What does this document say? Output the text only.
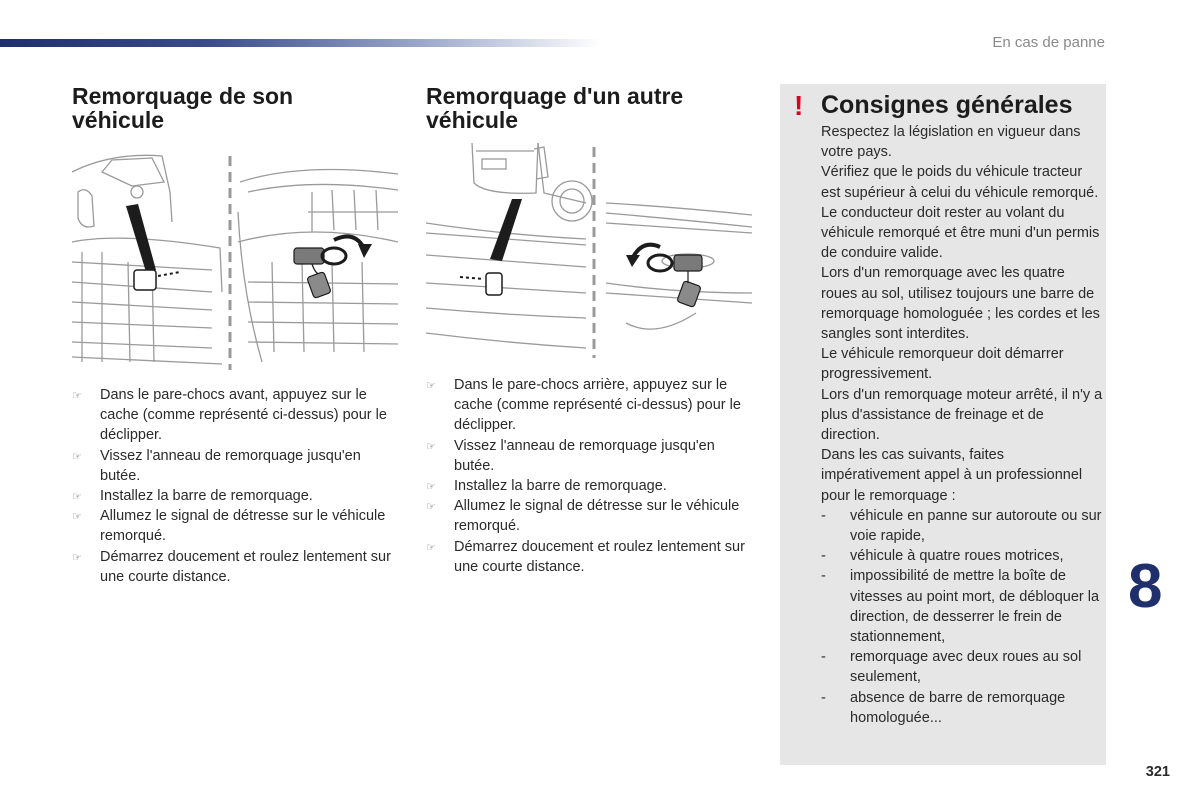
En cas de panne
Remorquage de son
véhicule
☞ Dans le pare-chocs avant, appuyez sur le cache (comme représenté ci-dessus) pour le déclipper.
☞ Vissez l'anneau de remorquage jusqu'en butée.
☞ Installez la barre de remorquage.
☞ Allumez le signal de détresse sur le véhicule remorqué.
☞ Démarrez doucement et roulez lentement sur une courte distance.
Remorquage d'un autre
véhicule
☞ Dans le pare-chocs arrière, appuyez sur le cache (comme représenté ci-dessus) pour le déclipper.
☞ Vissez l'anneau de remorquage jusqu'en butée.
☞ Installez la barre de remorquage.
☞ Allumez le signal de détresse sur le véhicule remorqué.
☞ Démarrez doucement et roulez lentement sur une courte distance.
! Consignes générales

Respectez la législation en vigueur dans votre pays.

Vérifiez que le poids du véhicule tracteur est supérieur à celui du véhicule remorqué.

Le conducteur doit rester au volant du véhicule remorqué et être muni d'un permis de conduire valide.

Lors d'un remorquage avec les quatre roues au sol, utilisez toujours une barre de remorquage homologuée ; les cordes et les sangles sont interdites.

Le véhicule remorqueur doit démarrer progressivement.

Lors d'un remorquage moteur arrêté, il n'y a plus d'assistance de freinage et de direction.

Dans les cas suivants, faites impérativement appel à un professionnel pour le remorquage :

- véhicule en panne sur autoroute ou sur voie rapide,
- véhicule à quatre roues motrices,
- impossibilité de mettre la boîte de vitesses au point mort, de débloquer la direction, de desserrer le frein de stationnement,
- remorquage avec deux roues au sol seulement,
- absence de barre de remorquage homologuée...
8
321
